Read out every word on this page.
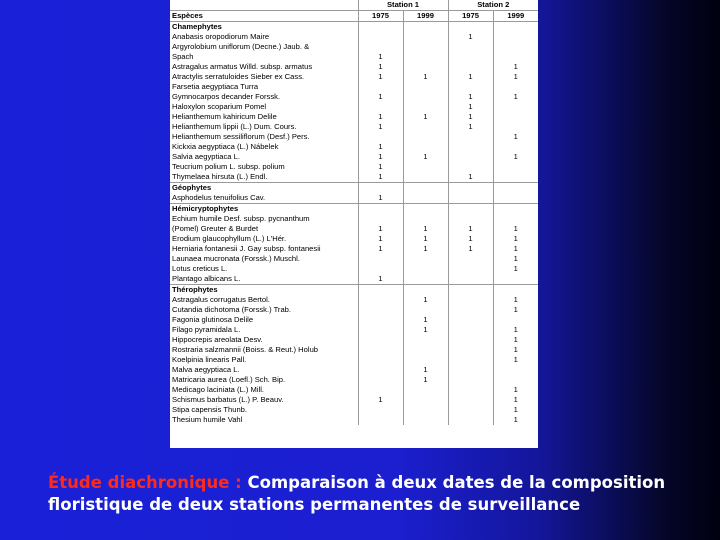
	Station 1		Station 2	
Espèces	1975	1999	1975	1999
Chamephytes				
Anabasis oropodiorum Maire			1	
Argyrolobium uniflorum (Decne.) Jaub. &				
Spach	1			
Astragalus armatus Willd. subsp. armatus	1			1
Atractylis serratuloides Sieber ex Cass.	1	1	1	1
Farsetia aegyptiaca Turra				
Gymnocarpos decander Forssk.	1		1	1
Haloxylon scoparium Pomel			1	
Helianthemum kahiricum Delile	1	1	1	
Helianthemum lippii (L.) Dum. Cours.	1		1	
Helianthemum sessiliflorum (Desf.) Pers.				1
Kickxia aegyptiaca (L.) Nábelek	1			
Salvia aegyptiaca L.	1	1		1
Teucrium polium L. subsp. polium	1			
Thymelaea hirsuta (L.) Endl.	1		1	
Géophytes				
Asphodelus tenuifolius Cav.	1			
Hémicryptophytes				
Echium humile Desf. subsp. pycnanthum				
(Pomel) Greuter & Burdet	1	1	1	1
Erodium glaucophyllum (L.) L'Hér.	1	1	1	1
Herniaria fontanesii J. Gay subsp. fontanesii	1	1	1	1
Launaea mucronata (Forssk.) Muschl.				1
Lotus creticus L.				1
Plantago albicans L.	1			
Thérophytes				
Astragalus corrugatus Bertol.		1		1
Cutandia dichotoma (Forssk.) Trab.				1
Fagonia glutinosa Delile		1		
Filago pyramidala L.		1		1
Hippocrepis areolata Desv.				1
Rostraria salzmannii (Boiss. & Reut.) Holub				1
Koelpinia linearis Pall.				1
Malva aegyptiaca L.		1		
Matricaria aurea (Loefl.) Sch. Bip.		1		
Medicago laciniata (L.) Mill.				1
Schismus barbatus (L.) P. Beauv.	1			1
Stipa capensis Thunb.				1
Thesium humile Vahl				1
Étude diachronique : Comparaison à deux dates de la composition floristique de deux stations permanentes de surveillance
